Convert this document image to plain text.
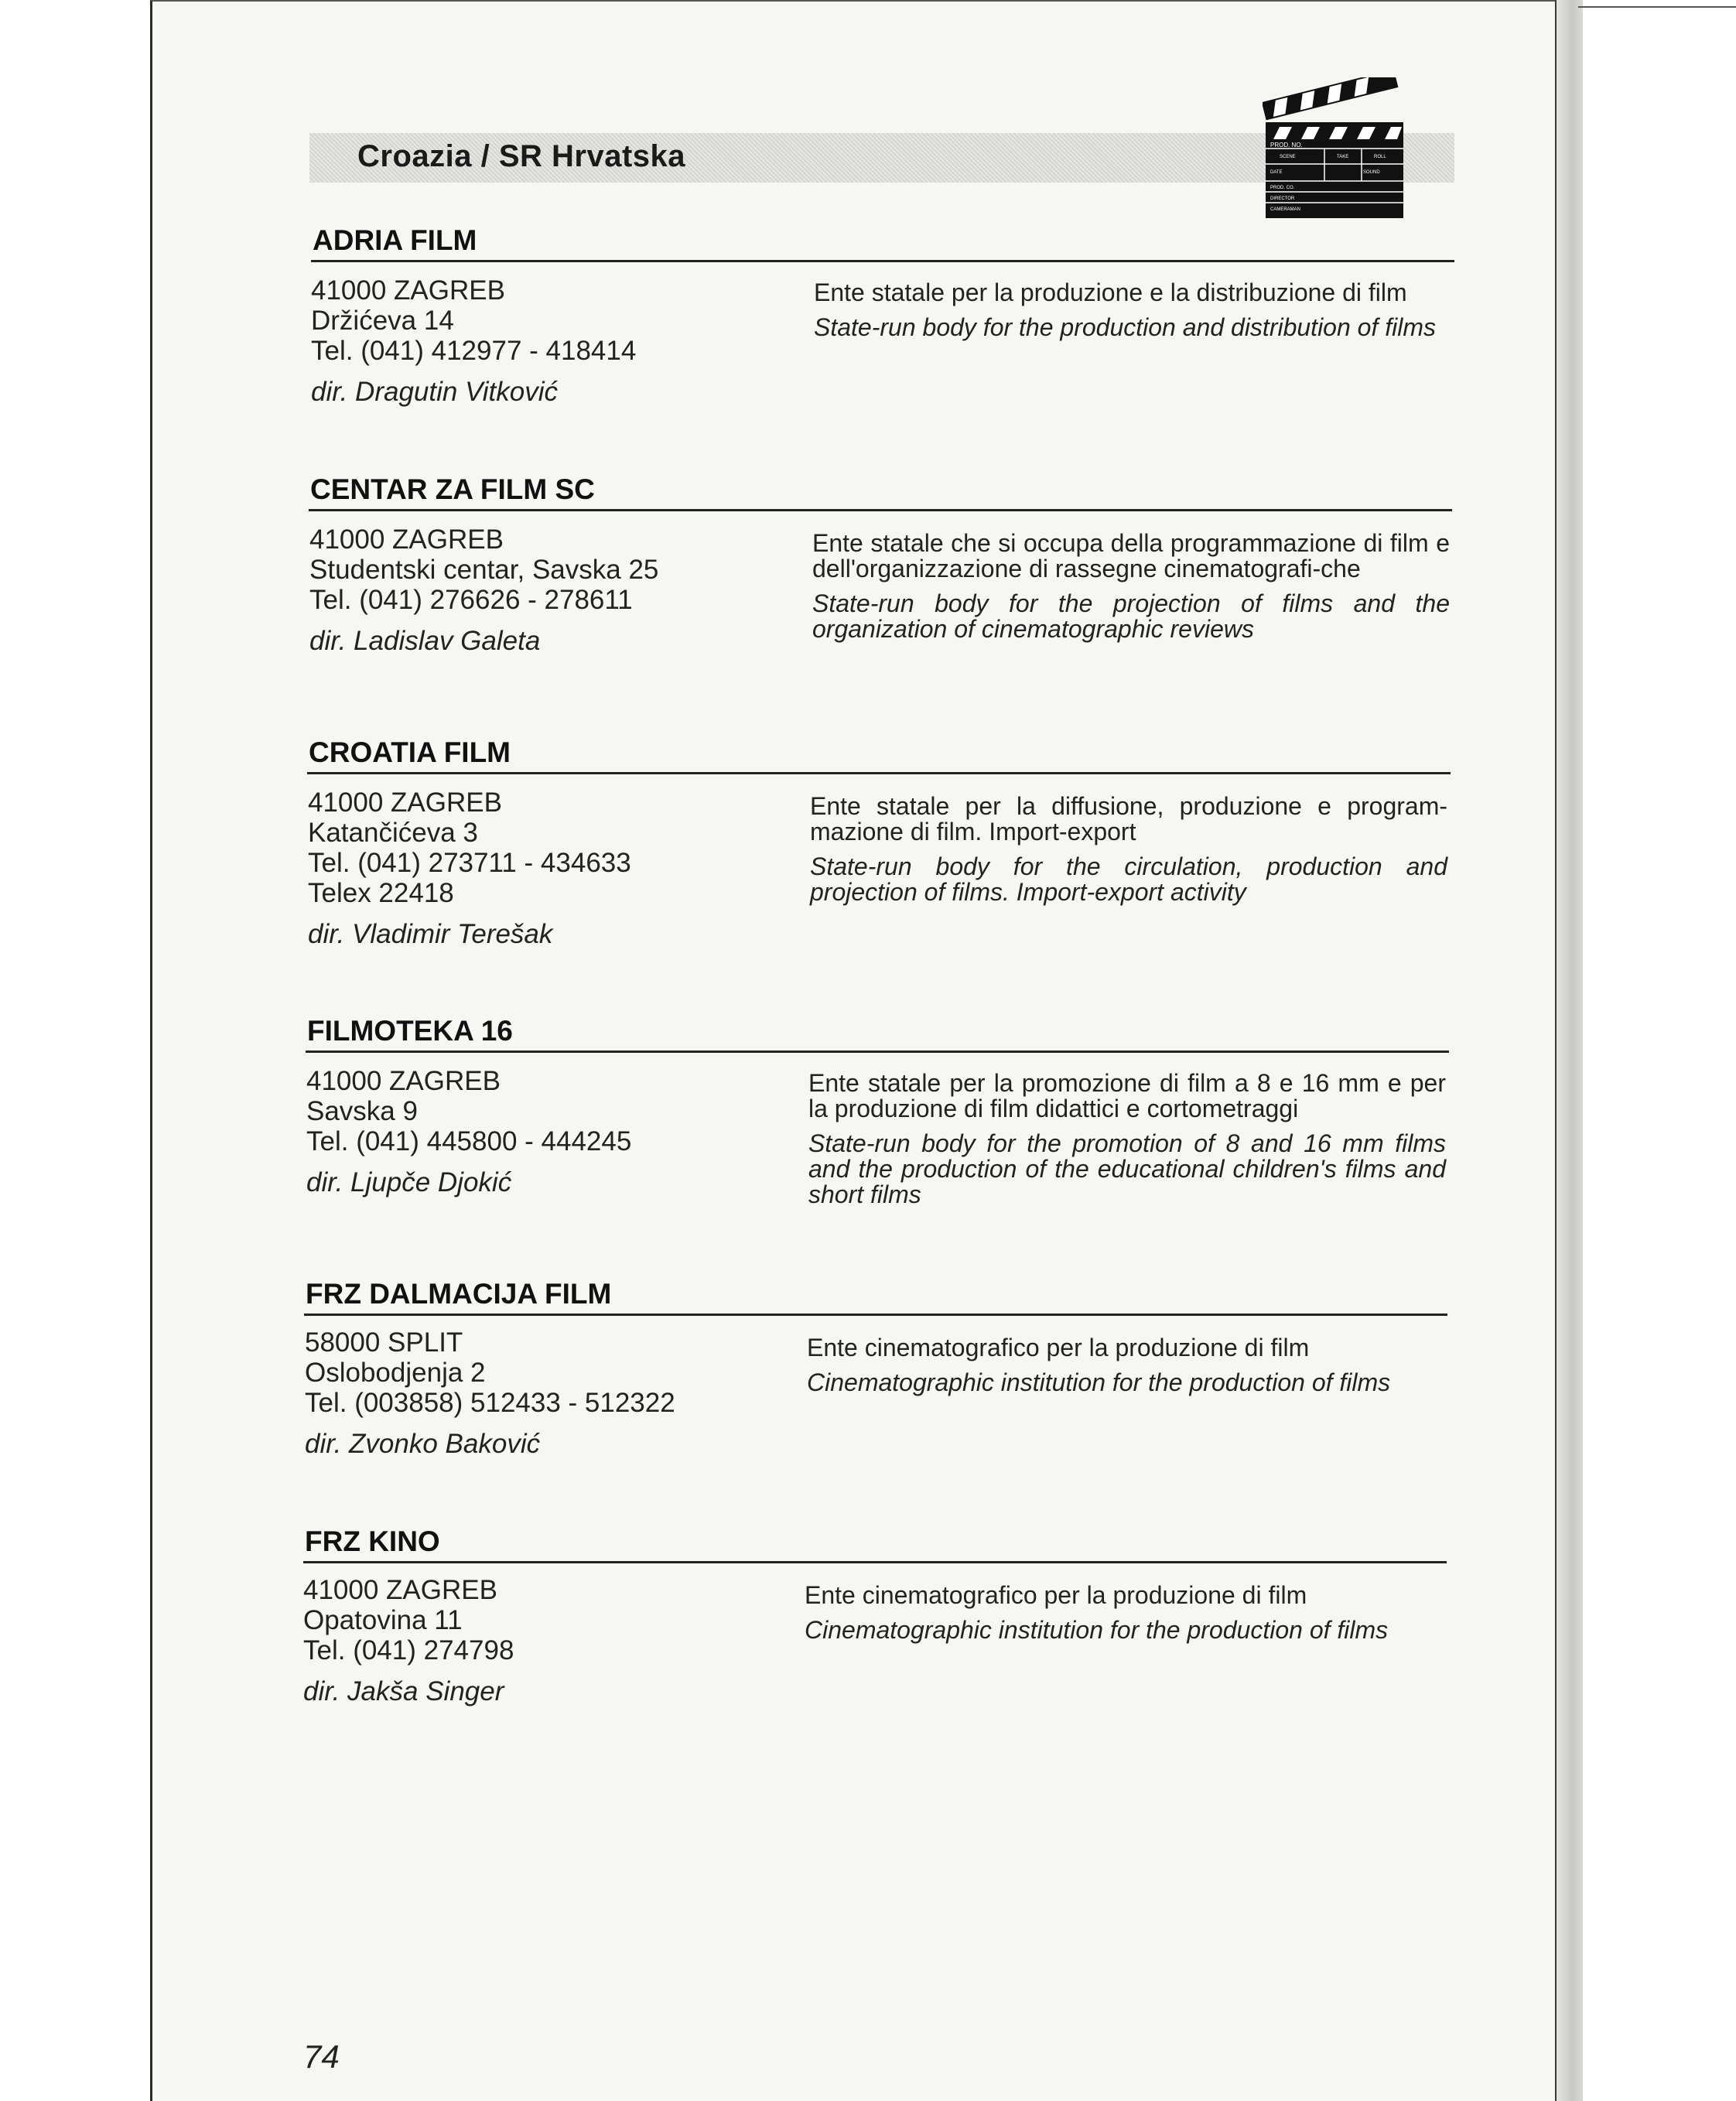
Croazia / SR Hrvatska	PROD. NO.
SCENE	TAKE	ROLL
DATE	SOUND
PROD. CO.
DIRECTOR
CAMERAMAN
ADRIA FILM
41000 ZAGREB
Držićeva 14
Tel. (041) 412977 - 418414
dir. Dragutin Vitković
Ente statale per la produzione e la distribuzione di film
State-run body for the production and distribution of films
CENTAR ZA FILM SC
41000 ZAGREB
Studentski centar, Savska 25
Tel. (041) 276626 - 278611
dir. Ladislav Galeta
Ente statale che si occupa della programmazione di film e dell'organizzazione di rassegne cinematografi-che
State-run body for the projection of films and the organization of cinematographic reviews
CROATIA FILM
41000 ZAGREB
Katančićeva 3
Tel. (041) 273711 - 434633
Telex 22418
dir. Vladimir Terešak
Ente statale per la diffusione, produzione e program-mazione di film. Import-export
State-run body for the circulation, production and projection of films. Import-export activity
FILMOTEKA 16
41000 ZAGREB
Savska 9
Tel. (041) 445800 - 444245
dir. Ljupče Djokić
Ente statale per la promozione di film a 8 e 16 mm e per la produzione di film didattici e cortometraggi
State-run body for the promotion of 8 and 16 mm films and the production of the educational children's films and short films
FRZ DALMACIJA FILM
58000 SPLIT
Oslobodjenja 2
Tel. (003858) 512433 - 512322
dir. Zvonko Baković
Ente cinematografico per la produzione di film
Cinematographic institution for the production of films
FRZ KINO
41000 ZAGREB
Opatovina 11
Tel. (041) 274798
dir. Jakša Singer
Ente cinematografico per la produzione di film
Cinematographic institution for the production of films
74
